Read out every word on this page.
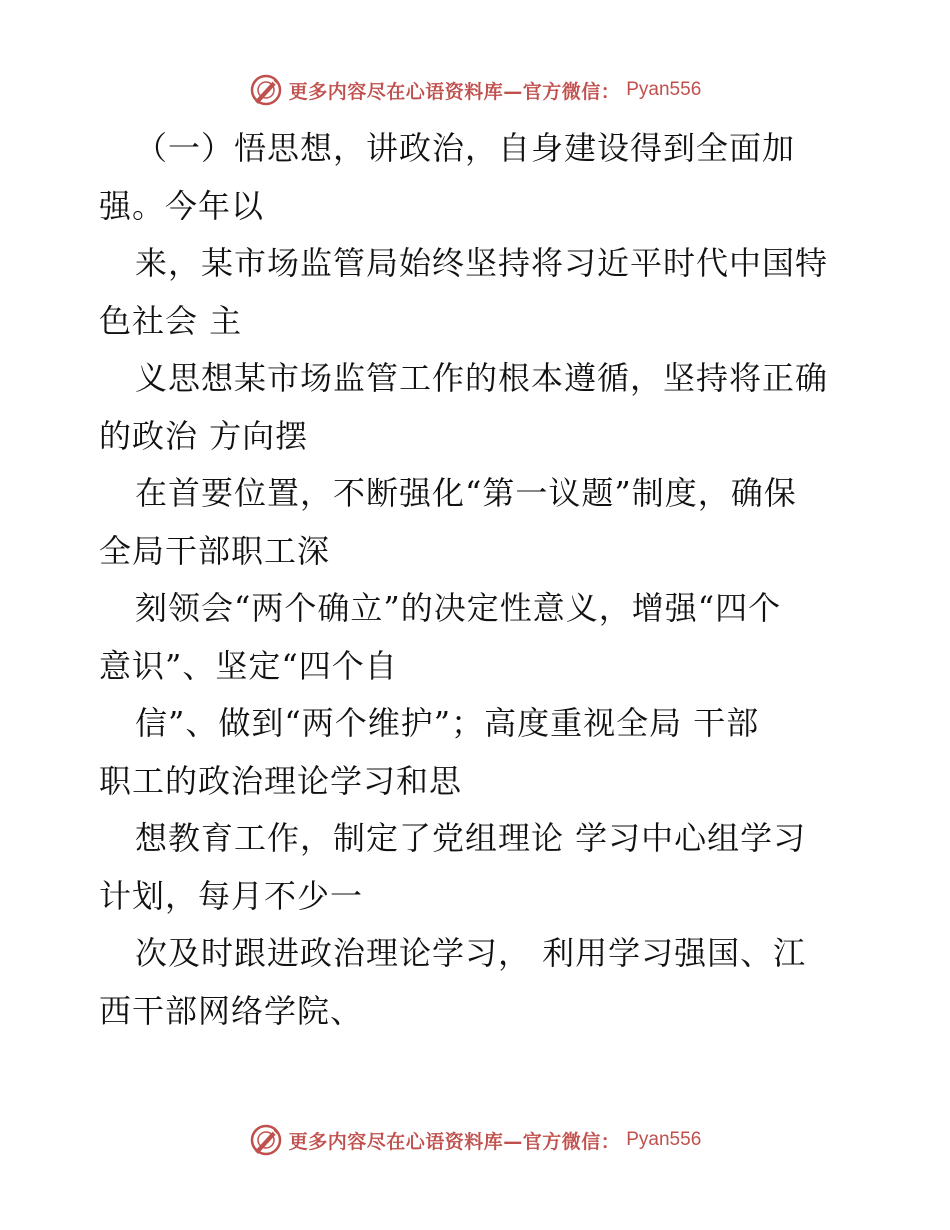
更多内容尽在心语资料库—官方微信： Pyan556
（一）悟思想，讲政治，自身建设得到全面加
强。今年以
来，某市场监管局始终坚持将习近平时代中国特
色社会 主
义思想某市场监管工作的根本遵循，坚持将正确
的政治 方向摆
在首要位置，不断强化“第一议题”制度，确保
全局干部职工深
刻领会“两个确立”的决定性意义，增强“四个
意识”、坚定“四个自
信”、做到“两个维护”；高度重视全局 干部
职工的政治理论学习和思
想教育工作，制定了党组理论 学习中心组学习
计划，每月不少一
次及时跟进政治理论学习， 利用学习强国、江
西干部网络学院、
更多内容尽在心语资料库—官方微信： Pyan556
